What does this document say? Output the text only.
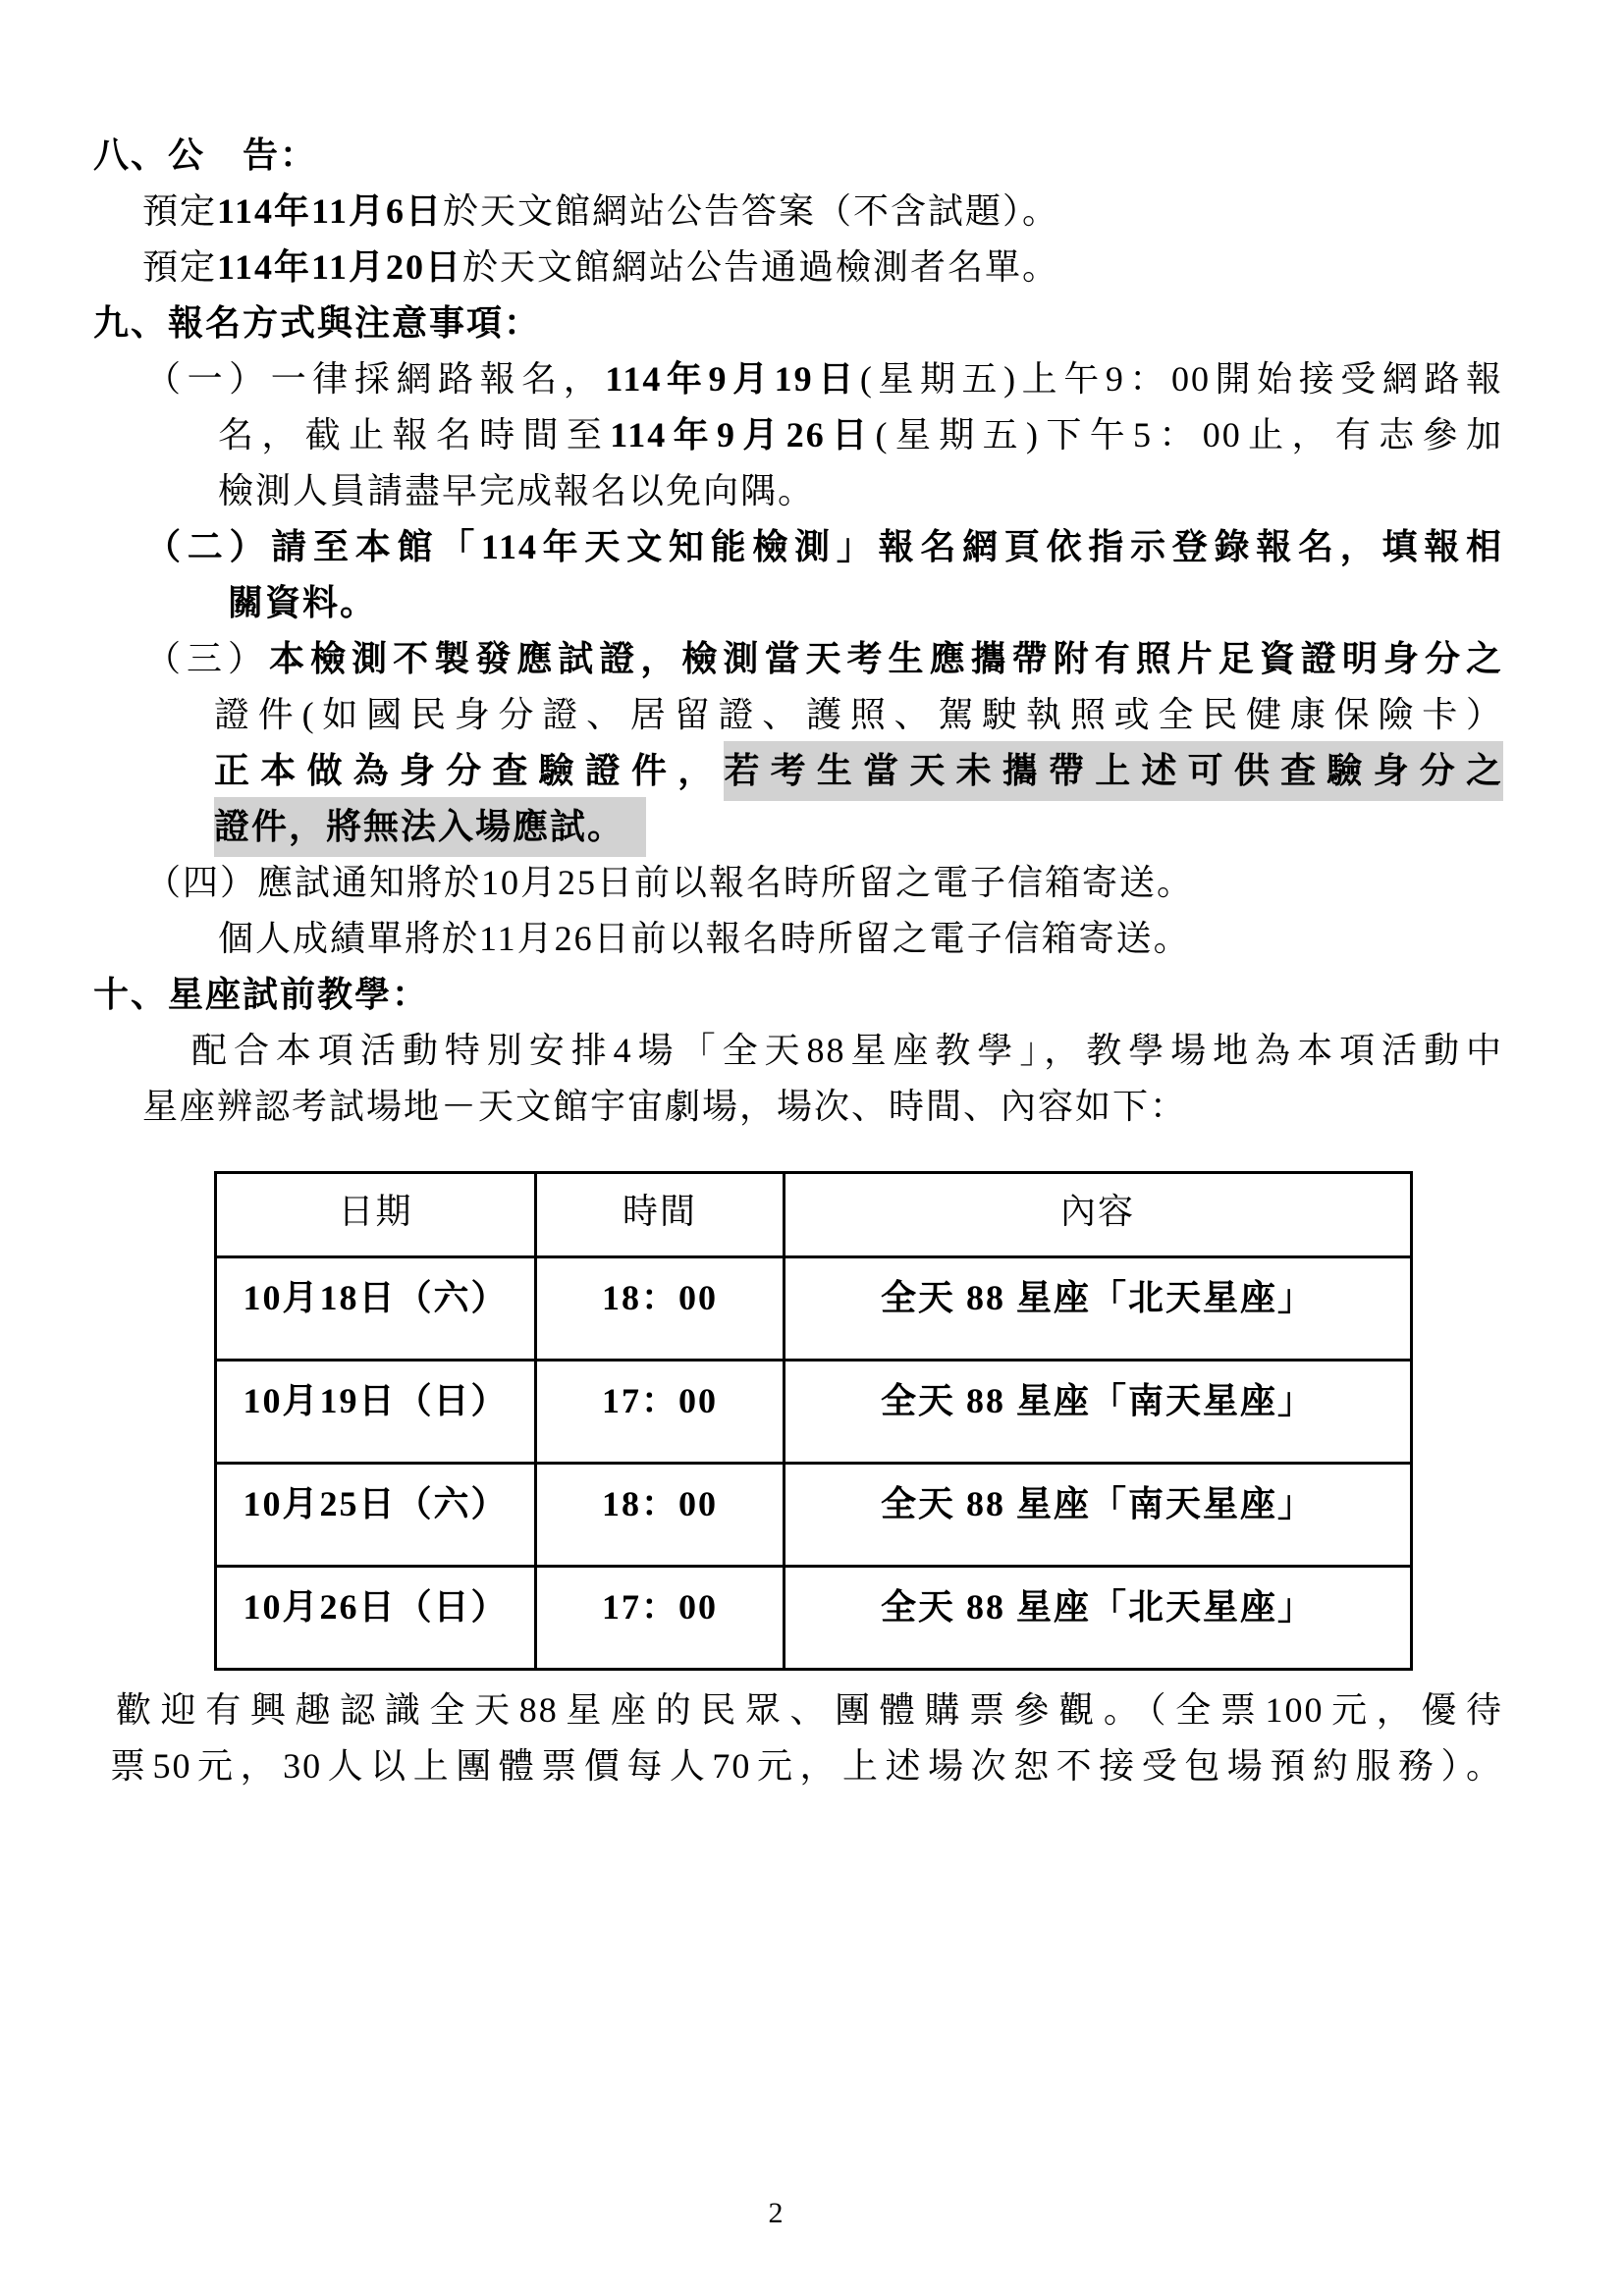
八、公　告：
預定114年11月6日於天文館網站公告答案（不含試題）。
預定114年11月20日於天文館網站公告通過檢測者名單。
九、報名方式與注意事項：
（一）一律採網路報名，114年9月19日(星期五)上午9：00開始接受網路報
名，截止報名時間至114年9月26日(星期五)下午5：00止，有志參加
檢測人員請盡早完成報名以免向隅。
（二）請至本館「114年天文知能檢測」報名網頁依指示登錄報名，填報相
關資料。
（三）本檢測不製發應試證，檢測當天考生應攜帶附有照片足資證明身分之
證件(如國民身分證、居留證、護照、駕駛執照或全民健康保險卡）
正本做為身分查驗證件，若考生當天未攜帶上述可供查驗身分之
證件，將無法入場應試。
（四）應試通知將於10月25日前以報名時所留之電子信箱寄送。
個人成績單將於11月26日前以報名時所留之電子信箱寄送。
十、星座試前教學：
配合本項活動特別安排4場「全天88星座教學」，教學場地為本項活動中
星座辨認考試場地－天文館宇宙劇場，場次、時間、內容如下：
日期	時間	內容
10月18日（六）	18：00	全天 88 星座「北天星座」
10月19日（日）	17：00	全天 88 星座「南天星座」
10月25日（六）	18：00	全天 88 星座「南天星座」
10月26日（日）	17：00	全天 88 星座「北天星座」
歡迎有興趣認識全天88星座的民眾、團體購票參觀。（全票100元，優待
票50元，30人以上團體票價每人70元，上述場次恕不接受包場預約服務）。
2
